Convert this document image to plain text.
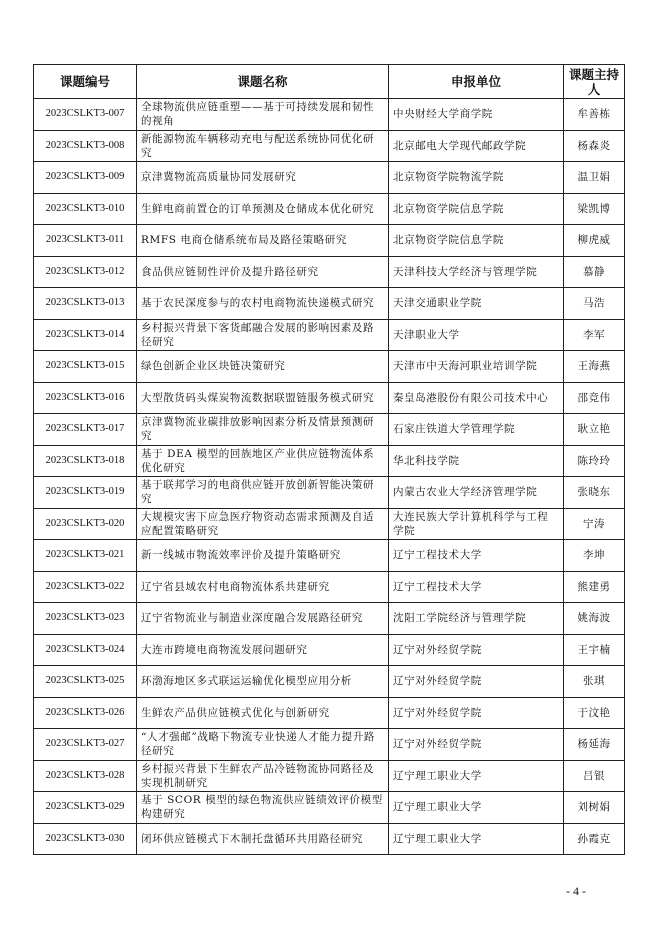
课题编号	课题名称	申报单位	课题主持人
2023CSLKT3-007	全球物流供应链重塑——基于可持续发展和韧性的视角	中央财经大学商学院	牟善栋
2023CSLKT3-008	新能源物流车辆移动充电与配送系统协同优化研究	北京邮电大学现代邮政学院	杨森炎
2023CSLKT3-009	京津冀物流高质量协同发展研究	北京物资学院物流学院	温卫娟
2023CSLKT3-010	生鲜电商前置仓的订单预测及仓储成本优化研究	北京物资学院信息学院	梁凯博
2023CSLKT3-011	RMFS 电商仓储系统布局及路径策略研究	北京物资学院信息学院	柳虎威
2023CSLKT3-012	食品供应链韧性评价及提升路径研究	天津科技大学经济与管理学院	慕静
2023CSLKT3-013	基于农民深度参与的农村电商物流快递模式研究	天津交通职业学院	马浩
2023CSLKT3-014	乡村振兴背景下客货邮融合发展的影响因素及路径研究	天津职业大学	李军
2023CSLKT3-015	绿色创新企业区块链决策研究	天津市中天海河职业培训学院	王海燕
2023CSLKT3-016	大型散货码头煤炭物流数据联盟链服务模式研究	秦皇岛港股份有限公司技术中心	邵竞伟
2023CSLKT3-017	京津冀物流业碳排放影响因素分析及情景预测研究	石家庄铁道大学管理学院	耿立艳
2023CSLKT3-018	基于 DEA 模型的回族地区产业供应链物流体系优化研究	华北科技学院	陈玲玲
2023CSLKT3-019	基于联邦学习的电商供应链开放创新智能决策研究	内蒙古农业大学经济管理学院	张晓东
2023CSLKT3-020	大规模灾害下应急医疗物资动态需求预测及自适应配置策略研究	大连民族大学计算机科学与工程学院	宁涛
2023CSLKT3-021	新一线城市物流效率评价及提升策略研究	辽宁工程技术大学	李坤
2023CSLKT3-022	辽宁省县域农村电商物流体系共建研究	辽宁工程技术大学	熊建勇
2023CSLKT3-023	辽宁省物流业与制造业深度融合发展路径研究	沈阳工学院经济与管理学院	姚海波
2023CSLKT3-024	大连市跨境电商物流发展问题研究	辽宁对外经贸学院	王宇楠
2023CSLKT3-025	环渤海地区多式联运运输优化模型应用分析	辽宁对外经贸学院	张琪
2023CSLKT3-026	生鲜农产品供应链模式优化与创新研究	辽宁对外经贸学院	于汶艳
2023CSLKT3-027	“人才强邮”战略下物流专业快递人才能力提升路径研究	辽宁对外经贸学院	杨延海
2023CSLKT3-028	乡村振兴背景下生鲜农产品冷链物流协同路径及实现机制研究	辽宁理工职业大学	吕银
2023CSLKT3-029	基于 SCOR 模型的绿色物流供应链绩效评价模型构建研究	辽宁理工职业大学	刘树娟
2023CSLKT3-030	闭环供应链模式下木制托盘循环共用路径研究	辽宁理工职业大学	孙霞克
- 4 -
